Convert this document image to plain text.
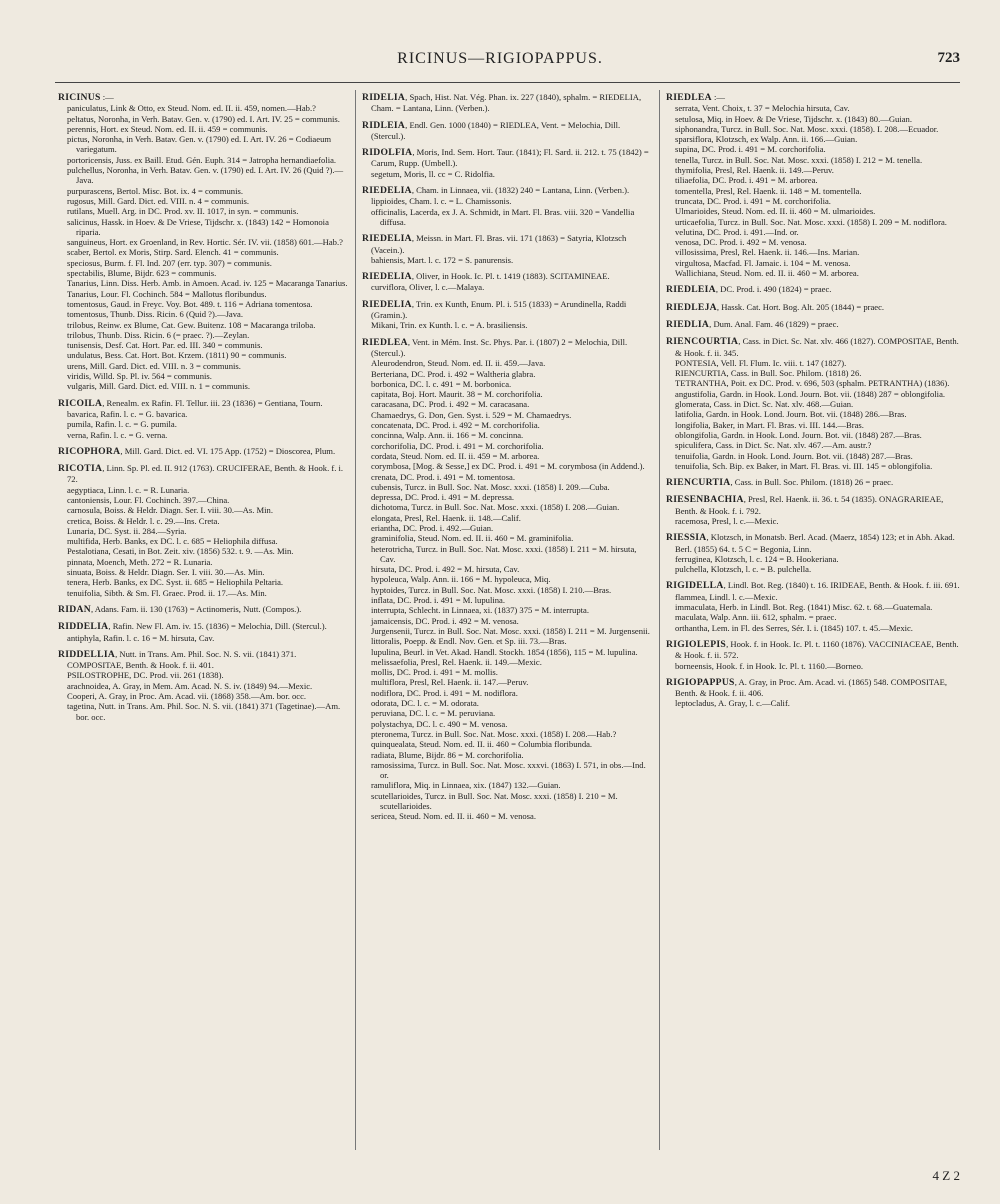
RICINUS—RIGIOPAPPUS.	723
RICINUS :—
paniculatus, Link & Otto, ex Steud. Nom. ed. II. ii. 459, nomen.—Hab.?
peltatus, Noronha, in Verh. Batav. Gen. v. (1790) ed. I. Art. IV. 25 = communis.
perennis, Hort. ex Steud. Nom. ed. II. ii. 459 = communis.
pictus, Noronha, in Verh. Batav. Gen. v. (1790) ed. I. Art. IV. 26 = Codiaeum variegatum.
portoricensis, Juss. ex Baill. Etud. Gén. Euph. 314 = Jatropha hernandiaefolia.
pulchellus, Noronha, in Verh. Batav. Gen. v. (1790) ed. I. Art. IV. 26 (Quid ?).—Java.
purpurascens, Bertol. Misc. Bot. ix. 4 = communis.
rugosus, Mill. Gard. Dict. ed. VIII. n. 4 = communis.
rutilans, Muell. Arg. in DC. Prod. xv. II. 1017, in syn. = communis.
salicinus, Hassk. in Hoev. & De Vriese, Tijdschr. x. (1843) 142 = Homonoia riparia.
sanguineus, Hort. ex Groenland, in Rev. Hortic. Sér. IV. vii. (1858) 601.—Hab.?
scaber, Bertol. ex Moris, Stirp. Sard. Elench. 41 = communis.
speciosus, Burm. f. Fl. Ind. 207 (err. typ. 307) = communis.
spectabilis, Blume, Bijdr. 623 = communis.
Tanarius, Linn. Diss. Herb. Amb. in Amoen. Acad. iv. 125 = Macaranga Tanarius.
Tanarius, Lour. Fl. Cochinch. 584 = Mallotus floribundus.
tomentosus, Gaud. in Freyc. Voy. Bot. 489. t. 116 = Adriana tomentosa.
tomentosus, Thunb. Diss. Ricin. 6 (Quid ?).—Java.
trilobus, Reinw. ex Blume, Cat. Gew. Buitenz. 108 = Macaranga triloba.
trilobus, Thunb. Diss. Ricin. 6 (= praec. ?).—Zeylan.
tunisensis, Desf. Cat. Hort. Par. ed. III. 340 = communis.
undulatus, Bess. Cat. Hort. Bot. Krzem. (1811) 90 = communis.
urens, Mill. Gard. Dict. ed. VIII. n. 3 = communis.
viridis, Willd. Sp. Pl. iv. 564 = communis.
vulgaris, Mill. Gard. Dict. ed. VIII. n. 1 = communis.
RICOILA, Renealm. ex Rafin. Fl. Tellur. iii. 23 (1836) = Gentiana, Tourn.
bavarica, Rafin. l. c. = G. bavarica.
pumila, Rafin. l. c. = G. pumila.
verna, Rafin. l. c. = G. verna.
RICOPHORA, Mill. Gard. Dict. ed. VI. 175 App. (1752) = Dioscorea, Plum.
RICOTIA, Linn. Sp. Pl. ed. II. 912 (1763). CRUCIFERAE, Benth. & Hook. f. i. 72.
aegyptiaca, Linn. l. c. = R. Lunaria.
cantoniensis, Lour. Fl. Cochinch. 397.—China.
carnosula, Boiss. & Heldr. Diagn. Ser. I. viii. 30.—As. Min.
cretica, Boiss. & Heldr. l. c. 29.—Ins. Creta.
Lunaria, DC. Syst. ii. 284.—Syria.
multifida, Herb. Banks, ex DC. l. c. 685 = Heliophila diffusa.
Pestalotiana, Cesati, in Bot. Zeit. xiv. (1856) 532. t. 9. —As. Min.
pinnata, Moench, Meth. 272 = R. Lunaria.
sinuata, Boiss. & Heldr. Diagn. Ser. I. viii. 30.—As. Min.
tenera, Herb. Banks, ex DC. Syst. ii. 685 = Heliophila Peltaria.
tenuifolia, Sibth. & Sm. Fl. Graec. Prod. ii. 17.—As. Min.
RIDAN, Adans. Fam. ii. 130 (1763) = Actinomeris, Nutt. (Compos.).
RIDDELIA, Rafin. New Fl. Am. iv. 15. (1836) = Melochia, Dill. (Stercul.).
antiphyla, Rafin. l. c. 16 = M. hirsuta, Cav.
RIDDELLIA, Nutt. in Trans. Am. Phil. Soc. N. S. vii. (1841) 371. COMPOSITAE, Benth. & Hook. f. ii. 401.
PSILOSTROPHE, DC. Prod. vii. 261 (1838).
arachnoidea, A. Gray, in Mem. Am. Acad. N. S. iv. (1849) 94.—Mexic.
Cooperi, A. Gray, in Proc. Am. Acad. vii. (1868) 358.—Am. bor. occ.
tagetina, Nutt. in Trans. Am. Phil. Soc. N. S. vii. (1841) 371 (Tagetinae).—Am. bor. occ.
RIDELIA, Spach, Hist. Nat. Vég. Phan. ix. 227 (1840), sphalm. = RIEDELIA, Cham. = Lantana, Linn. (Verben.).
RIDLEIA, Endl. Gen. 1000 (1840) = RIEDLEA, Vent. = Melochia, Dill. (Stercul.).
RIDOLFIA, Moris, Ind. Sem. Hort. Taur. (1841); Fl. Sard. ii. 212. t. 75 (1842) = Carum, Rupp. (Umbell.).
segetum, Moris, ll. cc = C. Ridolfia.
RIEDELIA, Cham. in Linnaea, vii. (1832) 240 = Lantana, Linn. (Verben.).
lippioides, Cham. l. c. = L. Chamissonis.
officinalis, Lacerda, ex J. A. Schmidt, in Mart. Fl. Bras. viii. 320 = Vandellia diffusa.
RIEDELIA, Meissn. in Mart. Fl. Bras. vii. 171 (1863) = Satyria, Klotzsch (Vacein.).
bahiensis, Mart. l. c. 172 = S. panurensis.
RIEDELIA, Oliver, in Hook. Ic. Pl. t. 1419 (1883). SCITAMINEAE.
curviflora, Oliver, l. c.—Malaya.
RIEDELIA, Trin. ex Kunth, Enum. Pl. i. 515 (1833) = Arundinella, Raddi (Gramin.).
Mikani, Trin. ex Kunth. l. c. = A. brasiliensis.
RIEDLEA, Vent. in Mém. Inst. Sc. Phys. Par. i. (1807) 2 = Melochia, Dill. (Stercul.).
Aleurodendron, Steud. Nom. ed. II. ii. 459.—Java.
Berteriana, DC. Prod. i. 492 = Waltheria glabra.
borbonica, DC. l. c. 491 = M. borbonica.
capitata, Boj. Hort. Maurit. 38 = M. corchorifolia.
caracasana, DC. Prod. i. 492 = M. caracasana.
Chamaedrys, G. Don, Gen. Syst. i. 529 = M. Chamaedrys.
concatenata, DC. Prod. i. 492 = M. corchorifolia.
concinna, Walp. Ann. ii. 166 = M. concinna.
corchorifolia, DC. Prod. i. 491 = M. corchorifolia.
cordata, Steud. Nom. ed. II. ii. 459 = M. arborea.
corymbosa, [Mog. & Sesse,] ex DC. Prod. i. 491 = M. corymbosa (in Addend.).
crenata, DC. Prod. i. 491 = M. tomentosa.
cubensis, Turcz. in Bull. Soc. Nat. Mosc. xxxi. (1858) I. 209.—Cuba.
depressa, DC. Prod. i. 491 = M. depressa.
dichotoma, Turcz. in Bull. Soc. Nat. Mosc. xxxi. (1858) I. 208.—Guian.
elongata, Presl, Rel. Haenk. ii. 148.—Calif.
eriantha, DC. Prod. i. 492.—Guian.
graminifolia, Steud. Nom. ed. II. ii. 460 = M. graminifolia.
heterotricha, Turcz. in Bull. Soc. Nat. Mosc. xxxi. (1858) I. 211 = M. hirsuta, Cav.
hirsuta, DC. Prod. i. 492 = M. hirsuta, Cav.
hypoleuca, Walp. Ann. ii. 166 = M. hypoleuca, Miq.
hyptoides, Turcz. in Bull. Soc. Nat. Mosc. xxxi. (1858) I. 210.—Bras.
inflata, DC. Prod. i. 491 = M. lupulina.
interrupta, Schlecht. in Linnaea, xi. (1837) 375 = M. interrupta.
jamaicensis, DC. Prod. i. 492 = M. venosa.
Jurgensenii, Turcz. in Bull. Soc. Nat. Mosc. xxxi. (1858) I. 211 = M. Jurgensenii.
littoralis, Poepp. & Endl. Nov. Gen. et Sp. iii. 73.—Bras.
lupulina, Beurl. in Vet. Akad. Handl. Stockh. 1854 (1856), 115 = M. lupulina.
melissaefolia, Presl, Rel. Haenk. ii. 149.—Mexic.
mollis, DC. Prod. i. 491 = M. mollis.
multiflora, Presl, Rel. Haenk. ii. 147.—Peruv.
nodiflora, DC. Prod. i. 491 = M. nodiflora.
odorata, DC. l. c. = M. odorata.
peruviana, DC. l. c. = M. peruviana.
polystachya, DC. l. c. 490 = M. venosa.
pteronema, Turcz. in Bull. Soc. Nat. Mosc. xxxi. (1858) I. 208.—Hab.?
quinquealata, Steud. Nom. ed. II. ii. 460 = Columbia floribunda.
radiata, Blume, Bijdr. 86 = M. corchorifolia.
ramosissima, Turcz. in Bull. Soc. Nat. Mosc. xxxvi. (1863) I. 571, in obs.—Ind. or.
ramuliflora, Miq. in Linnaea, xix. (1847) 132.—Guian.
scutellarioides, Turcz. in Bull. Soc. Nat. Mosc. xxxi. (1858) I. 210 = M. scutellarioides.
sericea, Steud. Nom. ed. II. ii. 460 = M. venosa.
RIEDLEA :—
serrata, Vent. Choix, t. 37 = Melochia hirsuta, Cav.
setulosa, Miq. in Hoev. & De Vriese, Tijdschr. x. (1843) 80.—Guian.
siphonandra, Turcz. in Bull. Soc. Nat. Mosc. xxxi. (1858). I. 208.—Ecuador.
sparsiflora, Klotzsch, ex Walp. Ann. ii. 166.—Guian.
supina, DC. Prod. i. 491 = M. corchorifolia.
tenella, Turcz. in Bull. Soc. Nat. Mosc. xxxi. (1858) I. 212 = M. tenella.
thymifolia, Presl, Rel. Haenk. ii. 149.—Peruv.
tiliaefolia, DC. Prod. i. 491 = M. arborea.
tomentella, Presl, Rel. Haenk. ii. 148 = M. tomentella.
truncata, DC. Prod. i. 491 = M. corchorifolia.
Ulmarioides, Steud. Nom. ed. II. ii. 460 = M. ulmarioides.
urticaefolia, Turcz. in Bull. Soc. Nat. Mosc. xxxi. (1858) I. 209 = M. nodiflora.
velutina, DC. Prod. i. 491.—Ind. or.
venosa, DC. Prod. i. 492 = M. venosa.
villosissima, Presl, Rel. Haenk. ii. 146.—Ins. Marian.
virgultosa, Macfad. Fl. Jamaic. i. 104 = M. venosa.
Wallichiana, Steud. Nom. ed. II. ii. 460 = M. arborea.
RIEDLEIA, DC. Prod. i. 490 (1824) = praec.
RIEDLEJA, Hassk. Cat. Hort. Bog. Alt. 205 (1844) = praec.
RIEDLIA, Dum. Anal. Fam. 46 (1829) = praec.
RIENCOURTIA, Cass. in Dict. Sc. Nat. xlv. 466 (1827). COMPOSITAE, Benth. & Hook. f. ii. 345.
PONTESIA, Vell. Fl. Flum. Ic. viii. t. 147 (1827).
RIENCURTIA, Cass. in Bull. Soc. Philom. (1818) 26.
TETRANTHA, Poit. ex DC. Prod. v. 696, 503 (sphalm. PETRANTHA) (1836).
angustifolia, Gardn. in Hook. Lond. Journ. Bot. vii. (1848) 287 = oblongifolia.
glomerata, Cass. in Dict. Sc. Nat. xlv. 468.—Guian.
latifolia, Gardn. in Hook. Lond. Journ. Bot. vii. (1848) 286.—Bras.
longifolia, Baker, in Mart. Fl. Bras. vi. III. 144.—Bras.
oblongifolia, Gardn. in Hook. Lond. Journ. Bot. vii. (1848) 287.—Bras.
spiculifera, Cass. in Dict. Sc. Nat. xlv. 467.—Am. austr.?
tenuifolia, Gardn. in Hook. Lond. Journ. Bot. vii. (1848) 287.—Bras.
tenuifolia, Sch. Bip. ex Baker, in Mart. Fl. Bras. vi. III. 145 = oblongifolia.
RIENCURTIA, Cass. in Bull. Soc. Philom. (1818) 26 = praec.
RIESENBACHIA, Presl, Rel. Haenk. ii. 36. t. 54 (1835). ONAGRARIEAE, Benth. & Hook. f. i. 792.
racemosa, Presl, l. c.—Mexic.
RIESSIA, Klotzsch, in Monatsb. Berl. Acad. (Maerz, 1854) 123; et in Abh. Akad. Berl. (1855) 64. t. 5 C = Begonia, Linn.
ferruginea, Klotzsch, l. c. 124 = B. Hookeriana.
pulchella, Klotzsch, l. c. = B. pulchella.
RIGIDELLA, Lindl. Bot. Reg. (1840) t. 16. IRIDEAE, Benth. & Hook. f. iii. 691.
flammea, Lindl. l. c.—Mexic.
immaculata, Herb. in Lindl. Bot. Reg. (1841) Misc. 62. t. 68.—Guatemala.
maculata, Walp. Ann. iii. 612, sphalm. = praec.
orthantha, Lem. in Fl. des Serres, Sér. I. i. (1845) 107. t. 45.—Mexic.
RIGIOLEPIS, Hook. f. in Hook. Ic. Pl. t. 1160 (1876). VACCINIACEAE, Benth. & Hook. f. ii. 572.
borneensis, Hook. f. in Hook. Ic. Pl. t. 1160.—Borneo.
RIGIOPAPPUS, A. Gray, in Proc. Am. Acad. vi. (1865) 548. COMPOSITAE, Benth. & Hook. f. ii. 406.
leptocladus, A. Gray, l. c.—Calif.
4 Z 2
